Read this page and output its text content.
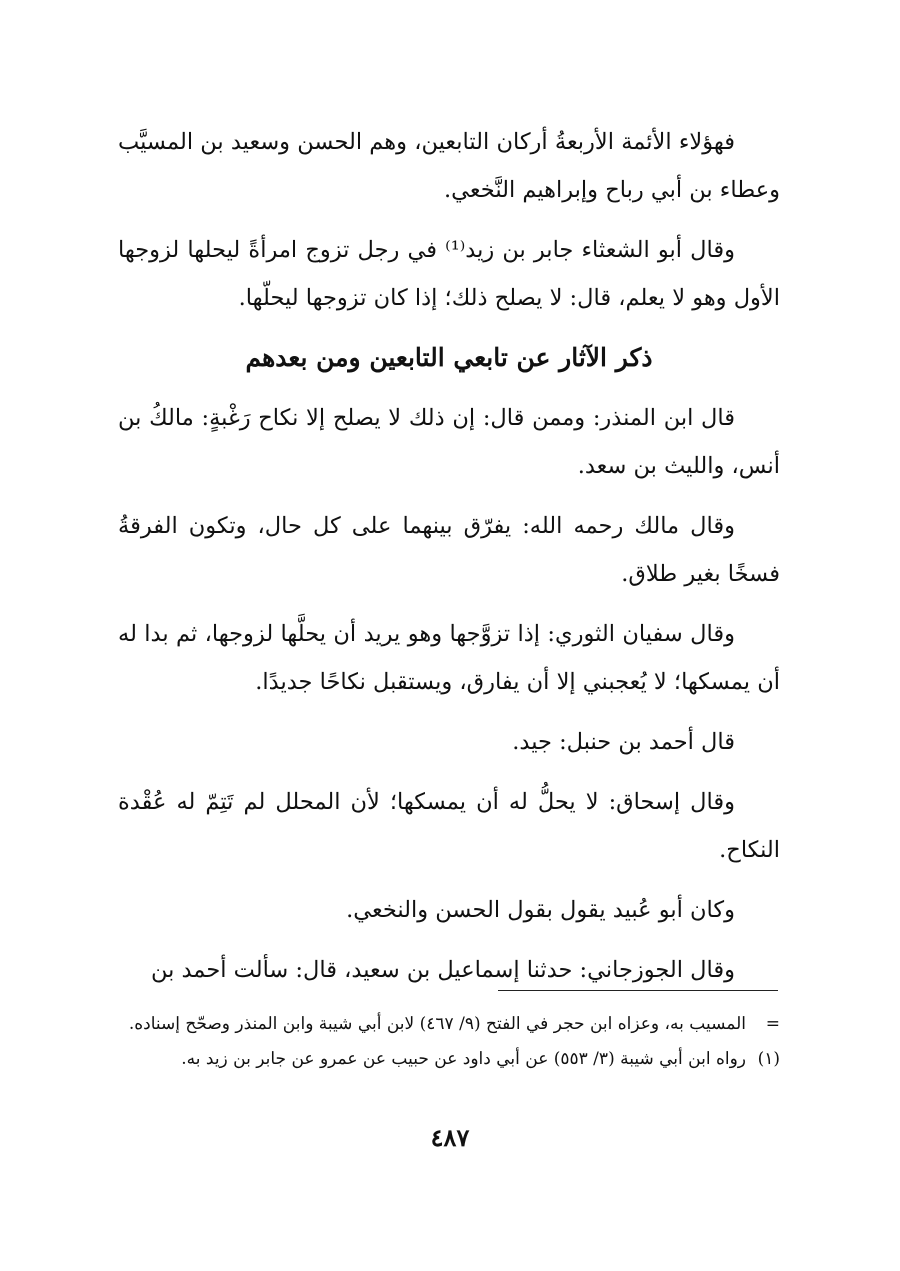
فهؤلاء الأئمة الأربعةُ أركان التابعين، وهم الحسن وسعيد بن المسيَّب وعطاء بن أبي رباح وإبراهيم النَّخعي.

وقال أبو الشعثاء جابر بن زيد⁽¹⁾ في رجل تزوج امرأةً ليحلها لزوجها الأول وهو لا يعلم، قال: لا يصلح ذلك؛ إذا كان تزوجها ليحلّها.

ذكر الآثار عن تابعي التابعين ومن بعدهم

قال ابن المنذر: وممن قال: إن ذلك لا يصلح إلا نكاح رَغْبةٍ: مالكُ بن أنس، والليث بن سعد.

وقال مالك رحمه الله: يفرّق بينهما على كل حال، وتكون الفرقةُ فسخًا بغير طلاق.

وقال سفيان الثوري: إذا تزوَّجها وهو يريد أن يحلَّها لزوجها، ثم بدا له أن يمسكها؛ لا يُعجبني إلا أن يفارق، ويستقبل نكاحًا جديدًا.

قال أحمد بن حنبل: جيد.

وقال إسحاق: لا يحلُّ له أن يمسكها؛ لأن المحلل لم تَتِمّ له عُقْدة النكاح.

وكان أبو عُبيد يقول بقول الحسن والنخعي.

وقال الجوزجاني: حدثنا إسماعيل بن سعيد، قال: سألت أحمد بن

=
المسيب به، وعزاه ابن حجر في الفتح (٩/ ٤٦٧) لابن أبي شيبة وابن المنذر وصحّح إسناده.
(١)
رواه ابن أبي شيبة (٣/ ٥٥٣) عن أبي داود عن حبيب عن عمرو عن جابر بن زيد به.
٤٨٧
